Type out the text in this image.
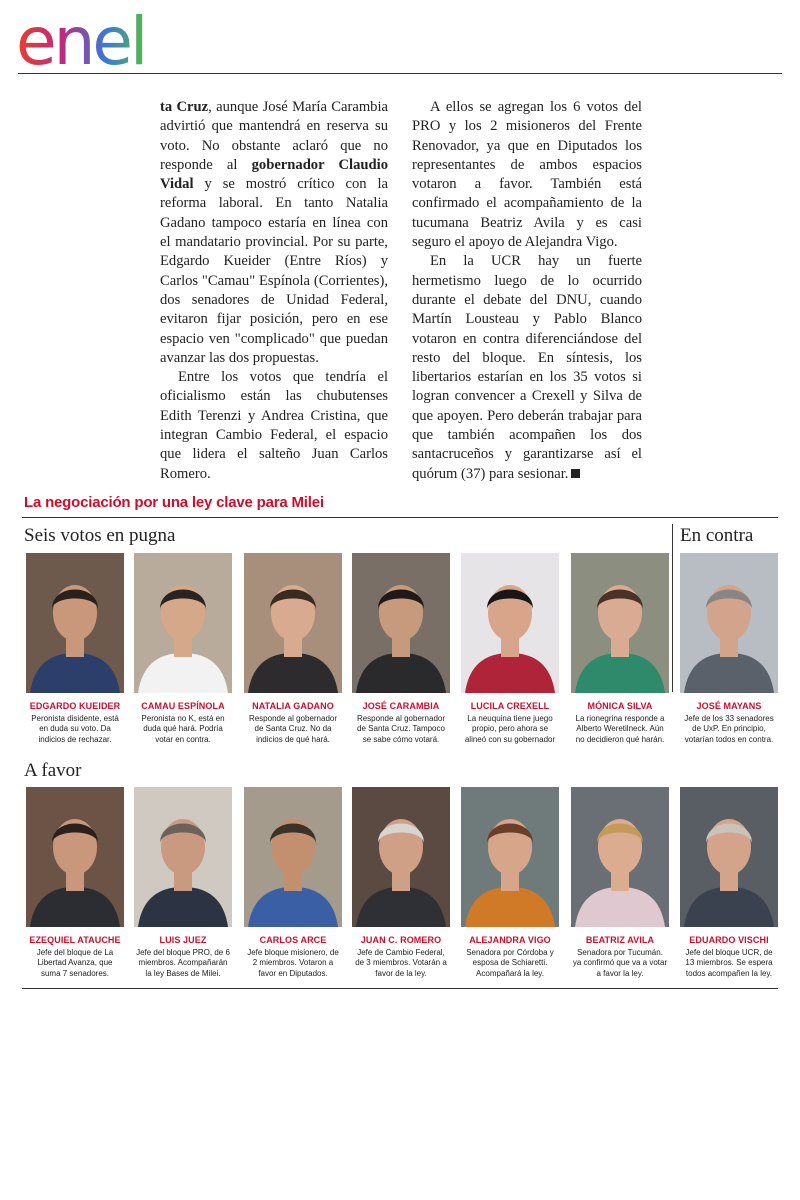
enel

ta Cruz, aunque José María Carambia advirtió que mantendrá en reserva su voto. No obstante aclaró que no responde al gobernador Claudio Vidal y se mostró crítico con la reforma laboral. En tanto Natalia Gadano tampoco estaría en línea con el mandatario provincial. Por su parte, Edgardo Kueider (Entre Ríos) y Carlos "Camau" Espínola (Corrientes), dos senadores de Unidad Federal, evitaron fijar posición, pero en ese espacio ven "complicado" que puedan avanzar las dos propuestas.

Entre los votos que tendría el oficialismo están las chubutenses Edith Terenzi y Andrea Cristina, que integran Cambio Federal, el espacio que lidera el salteño Juan Carlos Romero.

A ellos se agregan los 6 votos del PRO y los 2 misioneros del Frente Renovador, ya que en Diputados los representantes de ambos espacios votaron a favor. También está confirmado el acompañamiento de la tucumana Beatriz Avila y es casi seguro el apoyo de Alejandra Vigo.

En la UCR hay un fuerte hermetismo luego de lo ocurrido durante el debate del DNU, cuando Martín Lousteau y Pablo Blanco votaron en contra diferenciándose del resto del bloque. En síntesis, los libertarios estarían en los 35 votos si logran convencer a Crexell y Silva de que apoyen. Pero deberán trabajar para que también acompañen los dos santacruceños y garantizarse así el quórum (37) para sesionar.

La negociación por una ley clave para Milei
Seis votos en pugna	En contra
A favor
EDGARDO KUEIDER
Peronista disidente, está en duda su voto. Da indicios de rechazar.
CAMAU ESPÍNOLA
Peronista no K, está en duda qué hará. Podría votar en contra.
NATALIA GADANO
Responde al gobernador de Santa Cruz. No da indicios de qué hará.
JOSÉ CARAMBIA
Responde al gobernador de Santa Cruz. Tampoco se sabe cómo votará.
LUCILA CREXELL
La neuquina tiene juego propio, pero ahora se alineó con su gobernador
MÓNICA SILVA
La rionegrina responde a Alberto Weretilneck. Aún no decidieron qué harán.
JOSÉ MAYANS
Jefe de los 33 senadores de UxP. En principio, votarían todos en contra.
EZEQUIEL ATAUCHE
Jefe del bloque de La Libertad Avanza, que suma 7 senadores.
LUIS JUEZ
Jefe del bloque PRO, de 6 miembros. Acompañarán la ley Bases de Milei.
CARLOS ARCE
Jefe bloque misionero, de 2 miembros. Votaron a favor en Diputados.
JUAN C. ROMERO
Jefe de Cambio Federal, de 3 miembros. Votarán a favor de la ley.
ALEJANDRA VIGO
Senadora por Córdoba y esposa de Schiaretti. Acompañará la ley.
BEATRIZ AVILA
Senadora por Tucumán. ya confirmó que va a votar a favor la ley.
EDUARDO VISCHI
Jefe del bloque UCR, de 13 miembros. Se espera todos acompañen la ley.
